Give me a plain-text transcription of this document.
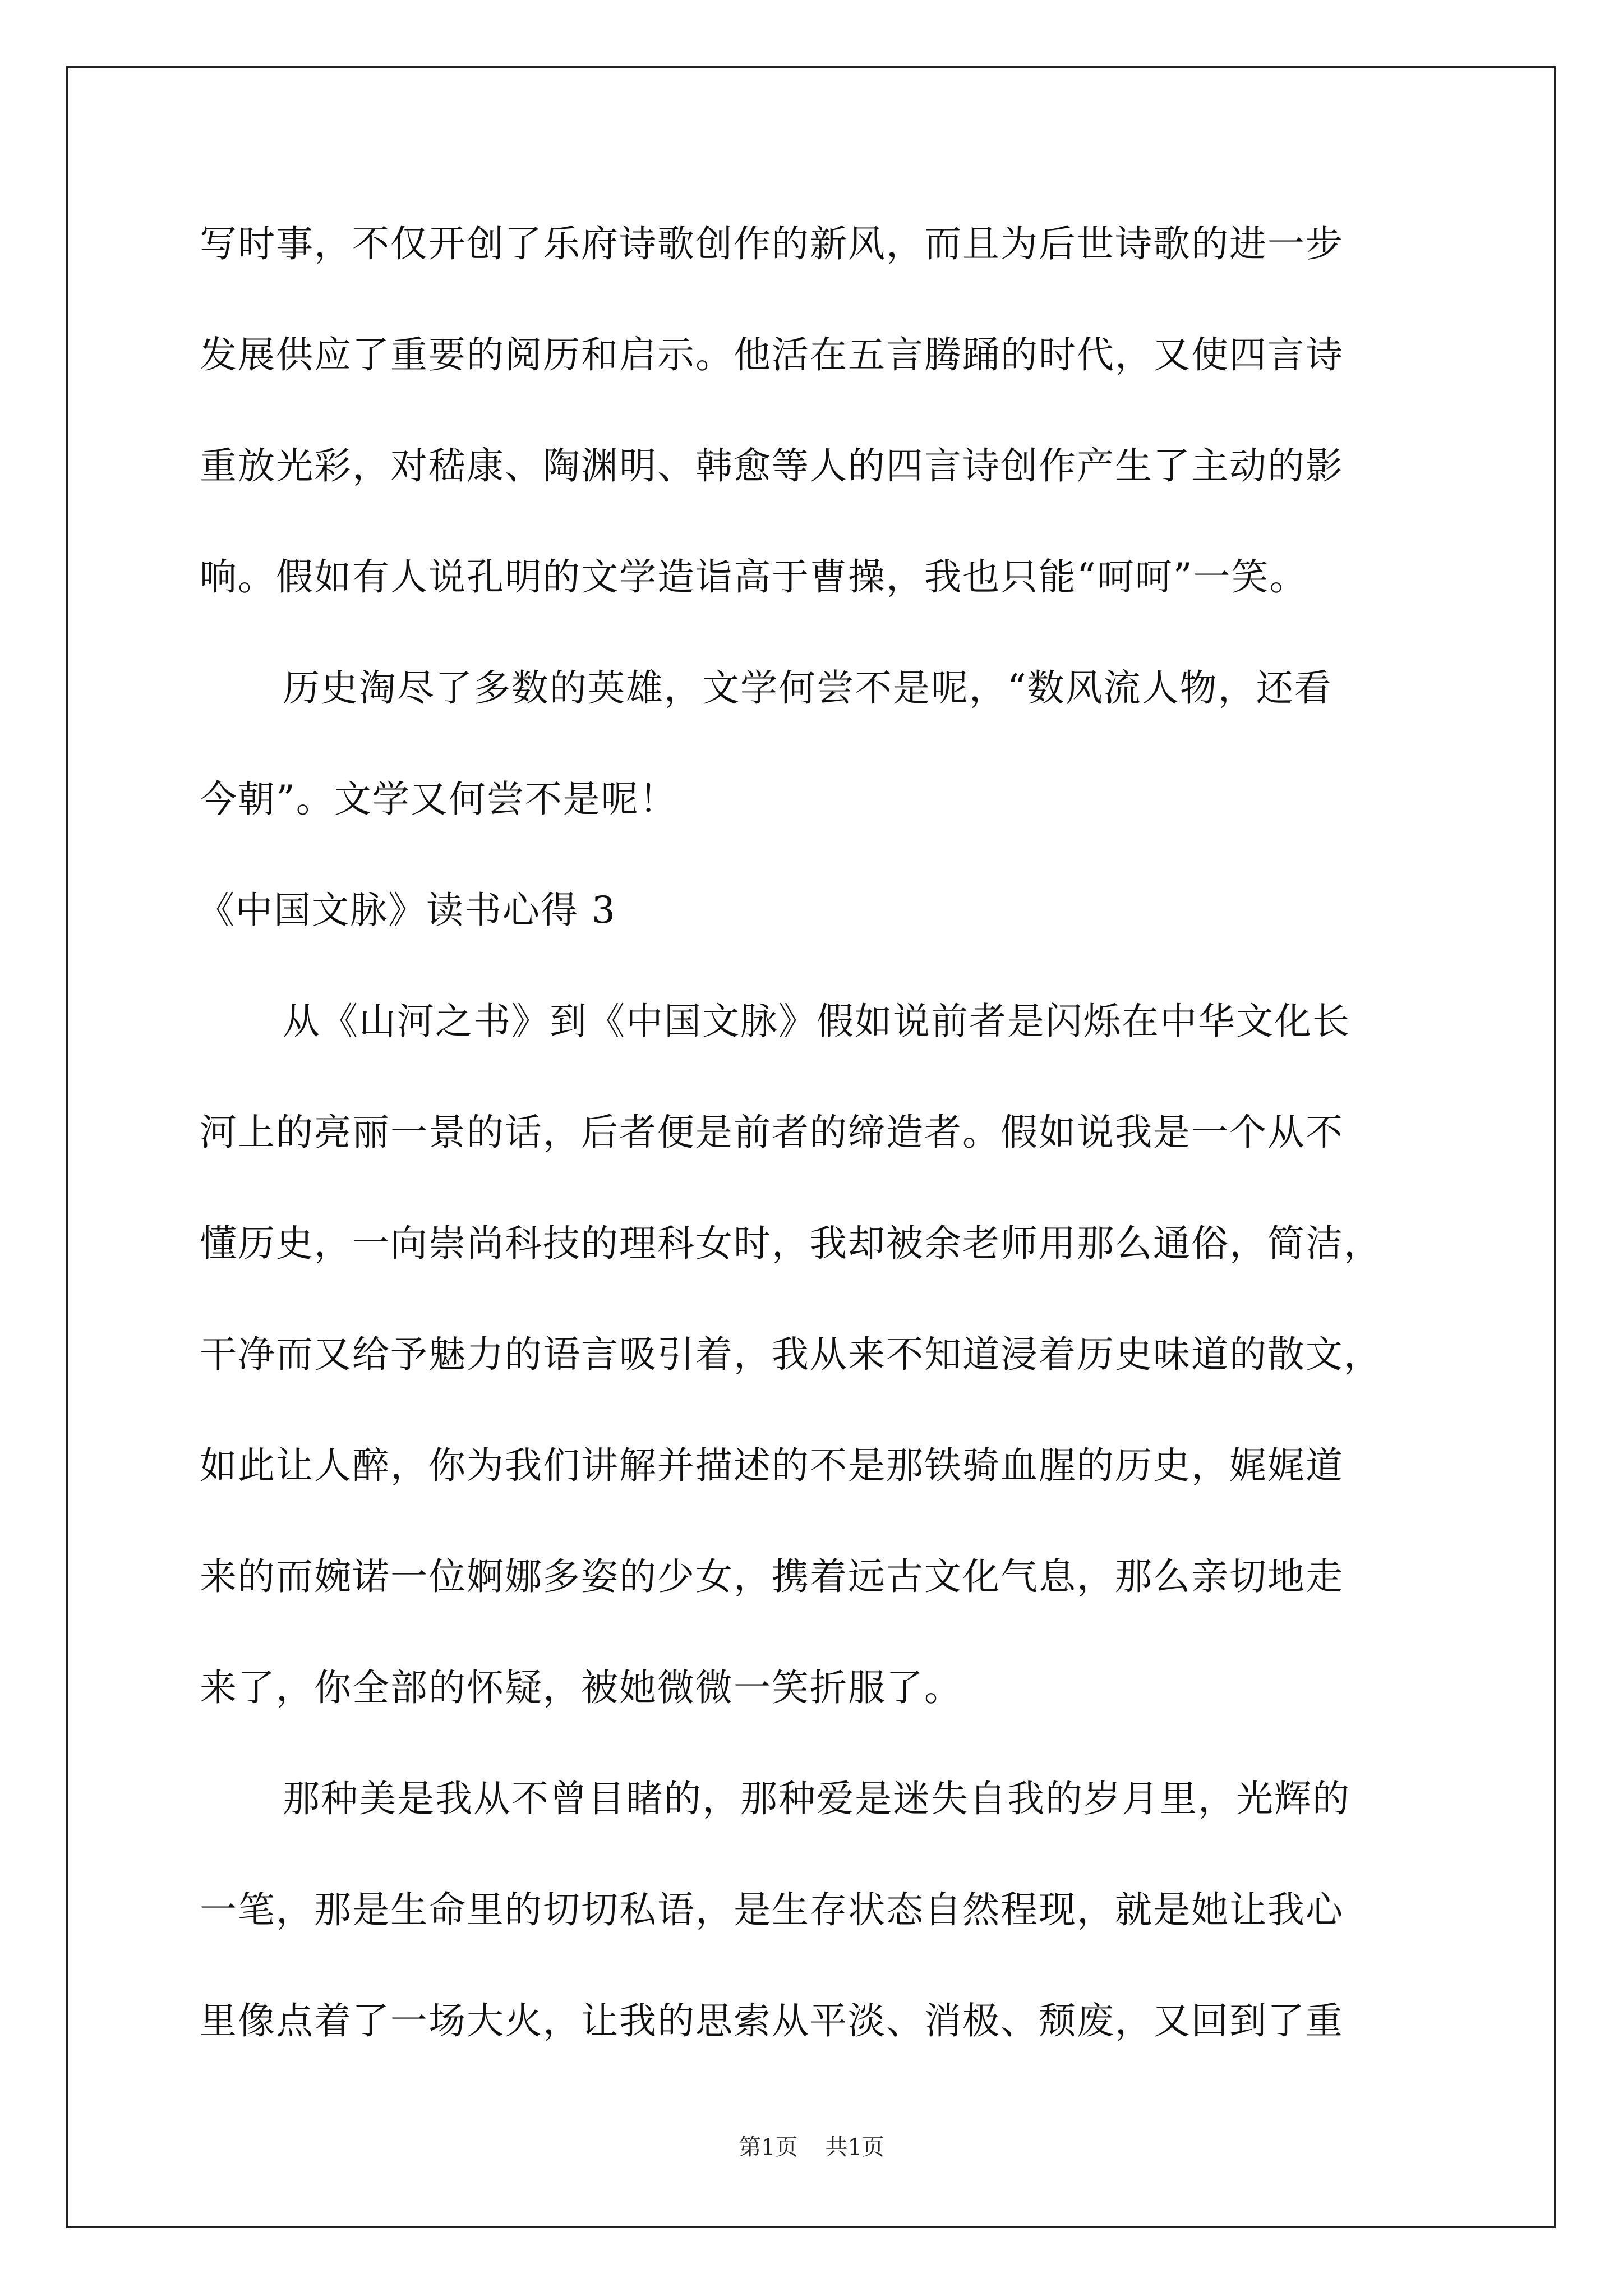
写时事，不仅开创了乐府诗歌创作的新风，而且为后世诗歌的进一步
发展供应了重要的阅历和启示。他活在五言腾踊的时代，又使四言诗
重放光彩，对嵇康、陶渊明、韩愈等人的四言诗创作产生了主动的影
响。假如有人说孔明的文学造诣高于曹操，我也只能“呵呵”一笑。
历史淘尽了多数的英雄，文学何尝不是呢，“数风流人物，还看
今朝”。文学又何尝不是呢！
《中国文脉》读书心得 3
从《山河之书》到《中国文脉》假如说前者是闪烁在中华文化长
河上的亮丽一景的话，后者便是前者的缔造者。假如说我是一个从不
懂历史，一向崇尚科技的理科女时，我却被余老师用那么通俗，简洁，
干净而又给予魅力的语言吸引着，我从来不知道浸着历史味道的散文，
如此让人醉，你为我们讲解并描述的不是那铁骑血腥的历史，娓娓道
来的而婉诺一位婀娜多姿的少女，携着远古文化气息，那么亲切地走
来了，你全部的怀疑，被她微微一笑折服了。
那种美是我从不曾目睹的，那种爱是迷失自我的岁月里，光辉的
一笔，那是生命里的切切私语，是生存状态自然程现，就是她让我心
里像点着了一场大火，让我的思索从平淡、消极、颓废，又回到了重
第1页 共1页
